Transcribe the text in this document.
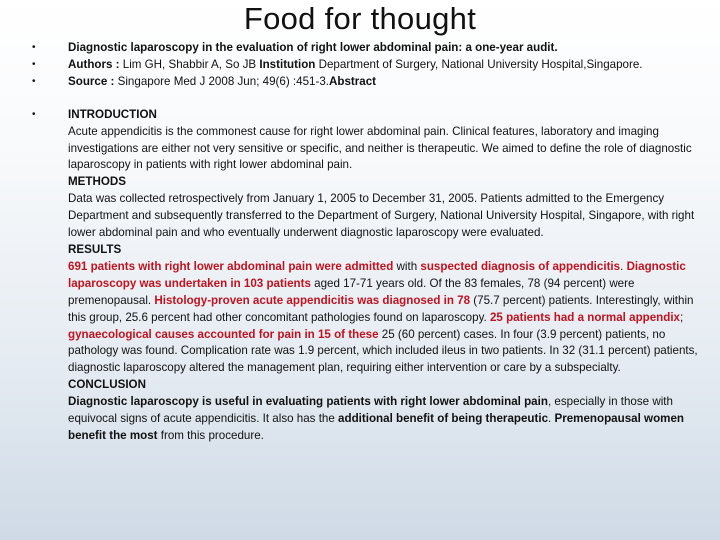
Food for thought
•	Diagnostic laparoscopy in the evaluation of right lower abdominal pain: a one-year audit.
•	Authors : Lim GH, Shabbir A, So JB Institution Department of Surgery, National University Hospital,Singapore.
•	Source : Singapore Med J 2008 Jun; 49(6) :451-3.Abstract
•	INTRODUCTION
Acute appendicitis is the commonest cause for right lower abdominal pain. Clinical features, laboratory and imaging investigations are either not very sensitive or specific, and neither is therapeutic. We aimed to define the role of diagnostic laparoscopy in patients with right lower abdominal pain.
METHODS
Data was collected retrospectively from January 1, 2005 to December 31, 2005. Patients admitted to the Emergency Department and subsequently transferred to the Department of Surgery, National University Hospital, Singapore, with right lower abdominal pain and who eventually underwent diagnostic laparoscopy were evaluated.
RESULTS
691 patients with right lower abdominal pain were admitted with suspected diagnosis of appendicitis. Diagnostic laparoscopy was undertaken in 103 patients aged 17-71 years old. Of the 83 females, 78 (94 percent) were premenopausal. Histology-proven acute appendicitis was diagnosed in 78 (75.7 percent) patients. Interestingly, within this group, 25.6 percent had other concomitant pathologies found on laparoscopy. 25 patients had a normal appendix; gynaecological causes accounted for pain in 15 of these 25 (60 percent) cases. In four (3.9 percent) patients, no pathology was found. Complication rate was 1.9 percent, which included ileus in two patients. In 32 (31.1 percent) patients, diagnostic laparoscopy altered the management plan, requiring either intervention or care by a subspecialty.
CONCLUSION
Diagnostic laparoscopy is useful in evaluating patients with right lower abdominal pain, especially in those with equivocal signs of acute appendicitis. It also has the additional benefit of being therapeutic. Premenopausal women benefit the most from this procedure.
